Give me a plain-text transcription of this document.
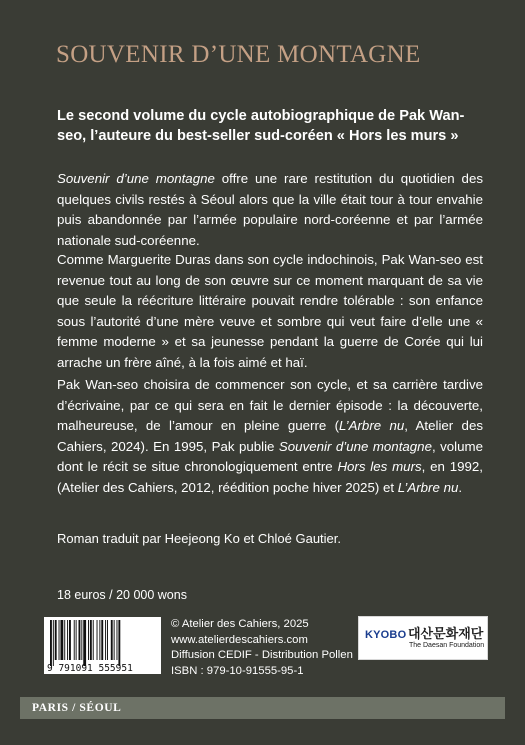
SOUVENIR D’UNE MONTAGNE

Le second volume du cycle autobiographique de Pak Wan-seo, l’auteure du best-seller sud-coréen « Hors les murs »

Souvenir d’une montagne offre une rare restitution du quotidien des quelques civils restés à Séoul alors que la ville était tour à tour envahie puis abandonnée par l’armée populaire nord-coréenne et par l’armée nationale sud-coréenne.

Comme Marguerite Duras dans son cycle indochinois, Pak Wan-seo est revenue tout au long de son œuvre sur ce moment marquant de sa vie que seule la réécriture littéraire pouvait rendre tolérable : son enfance sous l’autorité d’une mère veuve et sombre qui veut faire d’elle une « femme moderne » et sa jeunesse pendant la guerre de Corée qui lui arrache un frère aîné, à la fois aimé et haï.

Pak Wan-seo choisira de commencer son cycle, et sa carrière tardive d’écrivaine, par ce qui sera en fait le dernier épisode : la découverte, malheureuse, de l’amour en pleine guerre (L’Arbre nu, Atelier des Cahiers, 2024). En 1995, Pak publie Souvenir d’une montagne, volume dont le récit se situe chronologiquement entre Hors les murs, en 1992, (Atelier des Cahiers, 2012, réédition poche hiver 2025) et L’Arbre nu.

Roman traduit par Heejeong Ko et Chloé Gautier.
18 euros / 20 000 wons
9 791091 555951
© Atelier des Cahiers, 2025
www.atelierdescahiers.com
Diffusion CEDIF - Distribution Pollen
ISBN : 979-10-91555-95-1
KYOBO 대산문화재단
The Daesan Foundation
PARIS / SÉOUL
